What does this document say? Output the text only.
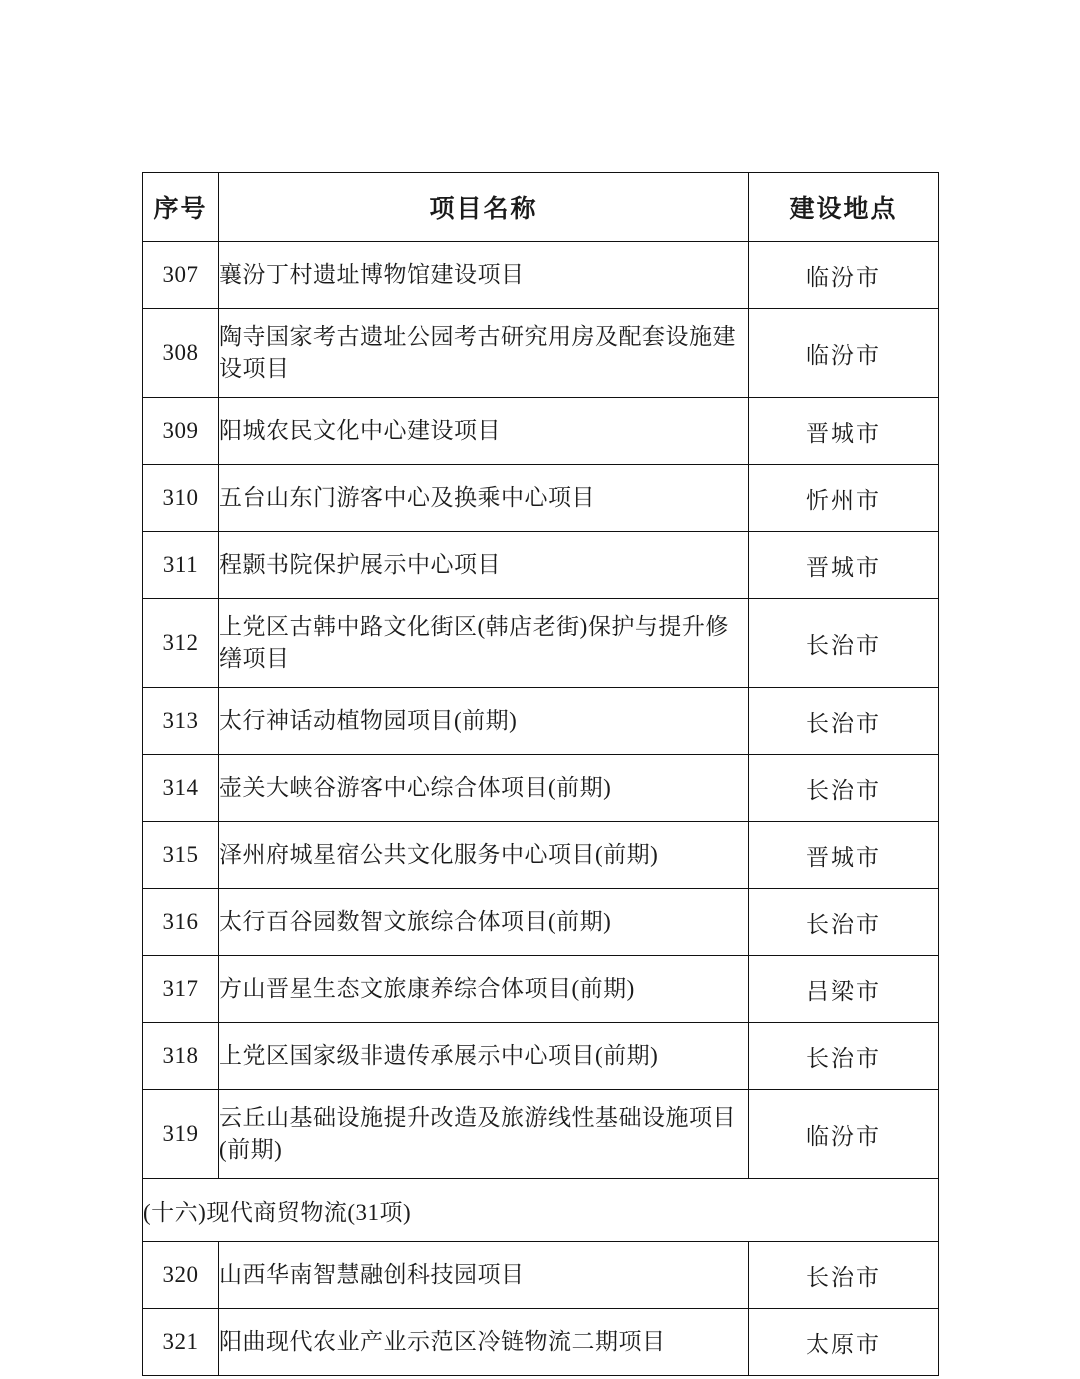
序号	项目名称	建设地点
307	襄汾丁村遗址博物馆建设项目	临汾市
308	陶寺国家考古遗址公园考古研究用房及配套设施建设项目	临汾市
309	阳城农民文化中心建设项目	晋城市
310	五台山东门游客中心及换乘中心项目	忻州市
311	程颢书院保护展示中心项目	晋城市
312	上党区古韩中路文化街区(韩店老街)保护与提升修缮项目	长治市
313	太行神话动植物园项目(前期)	长治市
314	壶关大峡谷游客中心综合体项目(前期)	长治市
315	泽州府城星宿公共文化服务中心项目(前期)	晋城市
316	太行百谷园数智文旅综合体项目(前期)	长治市
317	方山晋星生态文旅康养综合体项目(前期)	吕梁市
318	上党区国家级非遗传承展示中心项目(前期)	长治市
319	云丘山基础设施提升改造及旅游线性基础设施项目(前期)	临汾市
(十六)现代商贸物流(31项)		
320	山西华南智慧融创科技园项目	长治市
321	阳曲现代农业产业示范区冷链物流二期项目	太原市
